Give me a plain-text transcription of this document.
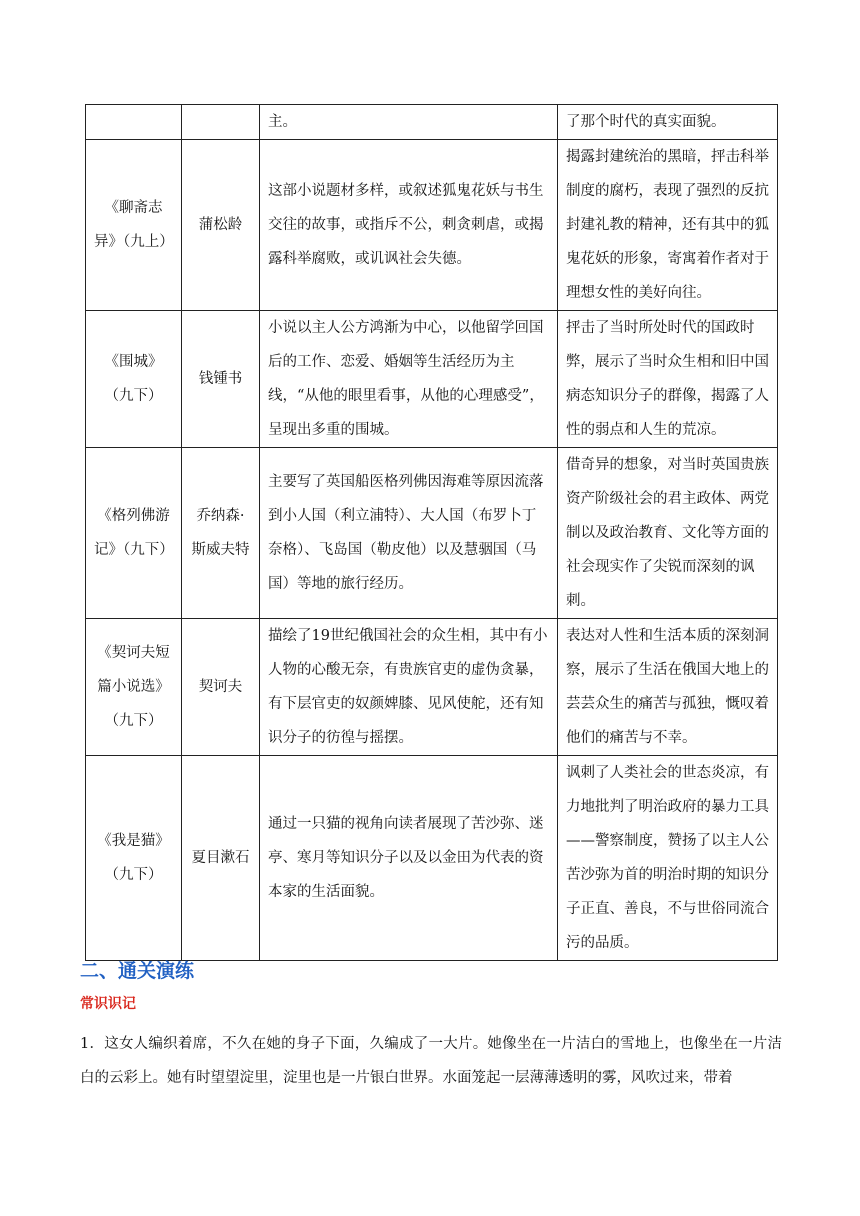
		主。	了那个时代的真实面貌。
《聊斋志异》（九上）	蒲松龄	这部小说题材多样，或叙述狐鬼花妖与书生交往的故事，或指斥不公，刺贪刺虐，或揭露科举腐败，或讥讽社会失德。	揭露封建统治的黑暗，抨击科举制度的腐朽，表现了强烈的反抗封建礼教的精神，还有其中的狐鬼花妖的形象，寄寓着作者对于理想女性的美好向往。
《围城》（九下）	钱锺书	小说以主人公方鸿渐为中心，以他留学回国后的工作、恋爱、婚姻等生活经历为主线，“从他的眼里看事，从他的心理感受”，呈现出多重的围城。	抨击了当时所处时代的国政时弊，展示了当时众生相和旧中国病态知识分子的群像，揭露了人性的弱点和人生的荒凉。
《格列佛游记》（九下）	乔纳森·斯威夫特	主要写了英国船医格列佛因海难等原因流落到小人国（利立浦特）、大人国（布罗卜丁奈格）、飞岛国（勒皮他）以及慧骃国（马国）等地的旅行经历。	借奇异的想象，对当时英国贵族资产阶级社会的君主政体、两党制以及政治教育、文化等方面的社会现实作了尖锐而深刻的讽刺。
《契诃夫短篇小说选》（九下）	契诃夫	描绘了19世纪俄国社会的众生相，其中有小人物的心酸无奈，有贵族官吏的虚伪贪暴，有下层官吏的奴颜婢膝、见风使舵，还有知识分子的彷徨与摇摆。	表达对人性和生活本质的深刻洞察，展示了生活在俄国大地上的芸芸众生的痛苦与孤独，慨叹着他们的痛苦与不幸。
《我是猫》（九下）	夏目漱石	通过一只猫的视角向读者展现了苦沙弥、迷亭、寒月等知识分子以及以金田为代表的资本家的生活面貌。	讽刺了人类社会的世态炎凉，有力地批判了明治政府的暴力工具——警察制度，赞扬了以主人公苦沙弥为首的明治时期的知识分子正直、善良，不与世俗同流合污的品质。
二、通关演练
常识识记
1．这女人编织着席，不久在她的身子下面，久编成了一大片。她像坐在一片洁白的雪地上，也像坐在一片洁白的云彩上。她有时望望淀里，淀里也是一片银白世界。水面笼起一层薄薄透明的雾，风吹过来，带着
